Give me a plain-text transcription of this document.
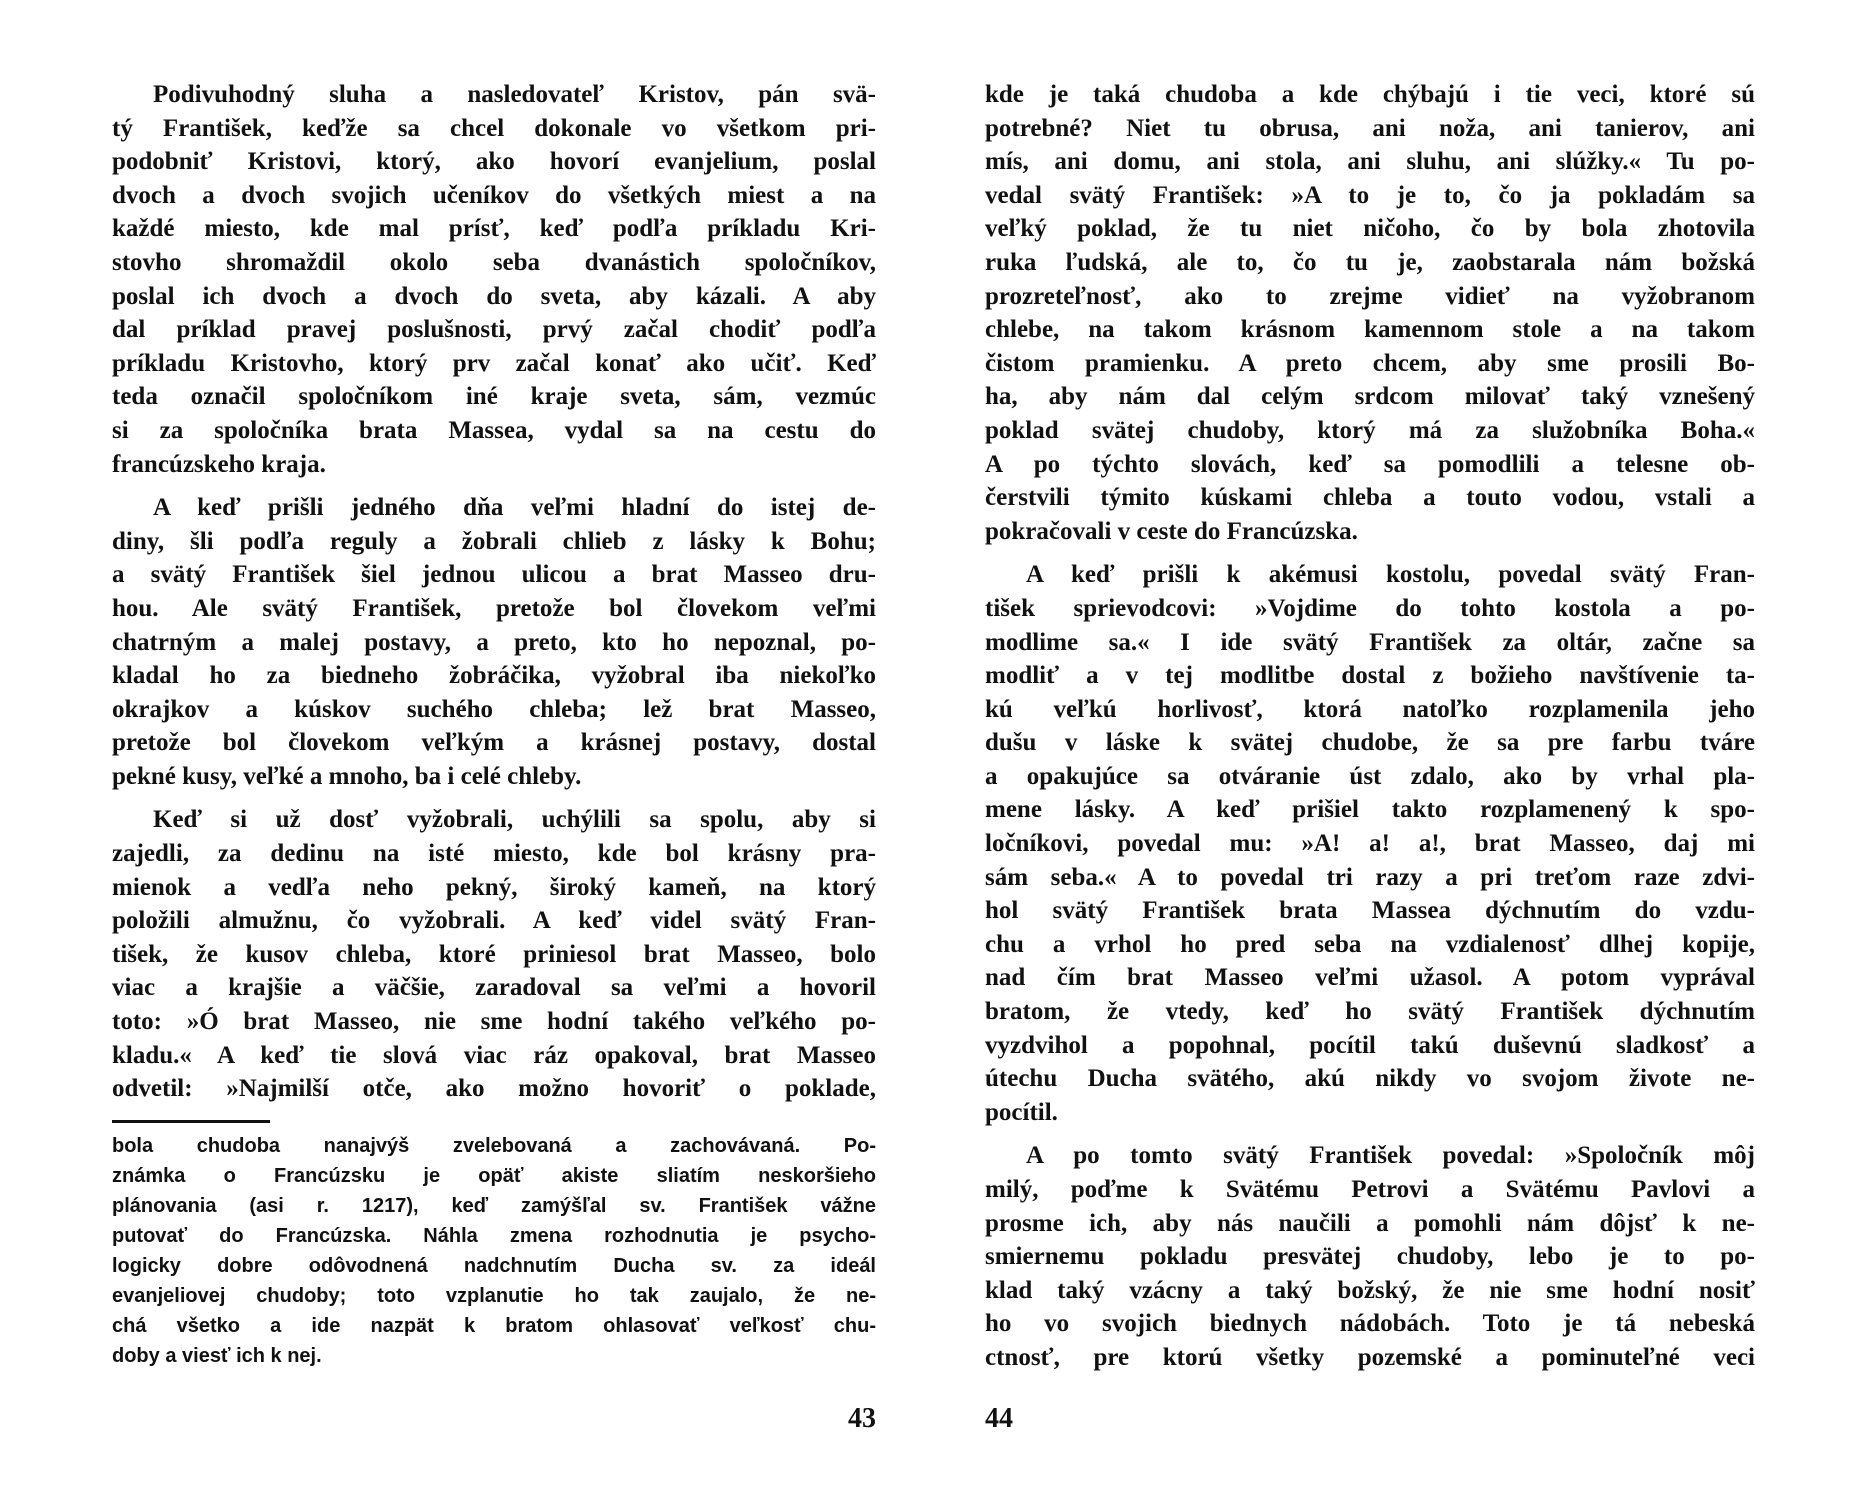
Podivuhodný sluha a nasledovateľ Kristov, pán svä-
tý František, keďže sa chcel dokonale vo všetkom pri-
podobniť Kristovi, ktorý, ako hovorí evanjelium, poslal
dvoch a dvoch svojich učeníkov do všetkých miest a na
každé miesto, kde mal prísť, keď podľa príkladu Kri-
stovho shromaždil okolo seba dvanástich spoločníkov,
poslal ich dvoch a dvoch do sveta, aby kázali. A aby
dal príklad pravej poslušnosti, prvý začal chodiť podľa
príkladu Kristovho, ktorý prv začal konať ako učiť. Keď
teda označil spoločníkom iné kraje sveta, sám, vezmúc
si za spoločníka brata Massea, vydal sa na cestu do
francúzskeho kraja.
A keď prišli jedného dňa veľmi hladní do istej de-
diny, šli podľa reguly a žobrali chlieb z lásky k Bohu;
a svätý František šiel jednou ulicou a brat Masseo dru-
hou. Ale svätý František, pretože bol človekom veľmi
chatrným a malej postavy, a preto, kto ho nepoznal, po-
kladal ho za biedneho žobráčika, vyžobral iba niekoľko
okrajkov a kúskov suchého chleba; lež brat Masseo,
pretože bol človekom veľkým a krásnej postavy, dostal
pekné kusy, veľké a mnoho, ba i celé chleby.
Keď si už dosť vyžobrali, uchýlili sa spolu, aby si
zajedli, za dedinu na isté miesto, kde bol krásny pra-
mienok a vedľa neho pekný, široký kameň, na ktorý
položili almužnu, čo vyžobrali. A keď videl svätý Fran-
tišek, že kusov chleba, ktoré priniesol brat Masseo, bolo
viac a krajšie a väčšie, zaradoval sa veľmi a hovoril
toto: »Ó brat Masseo, nie sme hodní takého veľkého po-
kladu.« A keď tie slová viac ráz opakoval, brat Masseo
odvetil: »Najmilší otče, ako možno hovoriť o poklade,
kde je taká chudoba a kde chýbajú i tie veci, ktoré sú
potrebné? Niet tu obrusa, ani noža, ani tanierov, ani
mís, ani domu, ani stola, ani sluhu, ani slúžky.« Tu po-
vedal svätý František: »A to je to, čo ja pokladám sa
veľký poklad, že tu niet ničoho, čo by bola zhotovila
ruka ľudská, ale to, čo tu je, zaobstarala nám božská
prozreteľnosť, ako to zrejme vidieť na vyžobranom
chlebe, na takom krásnom kamennom stole a na takom
čistom pramienku. A preto chcem, aby sme prosili Bo-
ha, aby nám dal celým srdcom milovať taký vznešený
poklad svätej chudoby, ktorý má za služobníka Boha.«
A po týchto slovách, keď sa pomodlili a telesne ob-
čerstvili týmito kúskami chleba a touto vodou, vstali a
pokračovali v ceste do Francúzska.
A keď prišli k akémusi kostolu, povedal svätý Fran-
tišek sprievodcovi: »Vojdime do tohto kostola a po-
modlime sa.« I ide svätý František za oltár, začne sa
modliť a v tej modlitbe dostal z božieho navštívenie ta-
kú veľkú horlivosť, ktorá natoľko rozplamenila jeho
dušu v láske k svätej chudobe, že sa pre farbu tváre
a opakujúce sa otváranie úst zdalo, ako by vrhal pla-
mene lásky. A keď prišiel takto rozplamenený k spo-
ločníkovi, povedal mu: »A! a! a!, brat Masseo, daj mi
sám seba.« A to povedal tri razy a pri treťom raze zdvi-
hol svätý František brata Massea dýchnutím do vzdu-
chu a vrhol ho pred seba na vzdialenosť dlhej kopije,
nad čím brat Masseo veľmi užasol. A potom vyprával
bratom, že vtedy, keď ho svätý František dýchnutím
vyzdvihol a popohnal, pocítil takú duševnú sladkosť a
útechu Ducha svätého, akú nikdy vo svojom živote ne-
pocítil.
A po tomto svätý František povedal: »Spoločník môj
milý, poďme k Svätému Petrovi a Svätému Pavlovi a
prosme ich, aby nás naučili a pomohli nám dôjsť k ne-
smiernemu pokladu presvätej chudoby, lebo je to po-
klad taký vzácny a taký božský, že nie sme hodní nosiť
ho vo svojich biednych nádobách. Toto je tá nebeská
ctnosť, pre ktorú všetky pozemské a pominuteľné veci
bola chudoba nanajvýš zvelebovaná a zachovávaná. Po-
známka o Francúzsku je opäť akiste sliatím neskoršieho
plánovania (asi r. 1217), keď zamýšľal sv. František vážne
putovať do Francúzska. Náhla zmena rozhodnutia je psycho-
logicky dobre odôvodnená nadchnutím Ducha sv. za ideál
evanjeliovej chudoby; toto vzplanutie ho tak zaujalo, že ne-
chá všetko a ide nazpät k bratom ohlasovať veľkosť chu-
doby a viesť ich k nej.
43	44
